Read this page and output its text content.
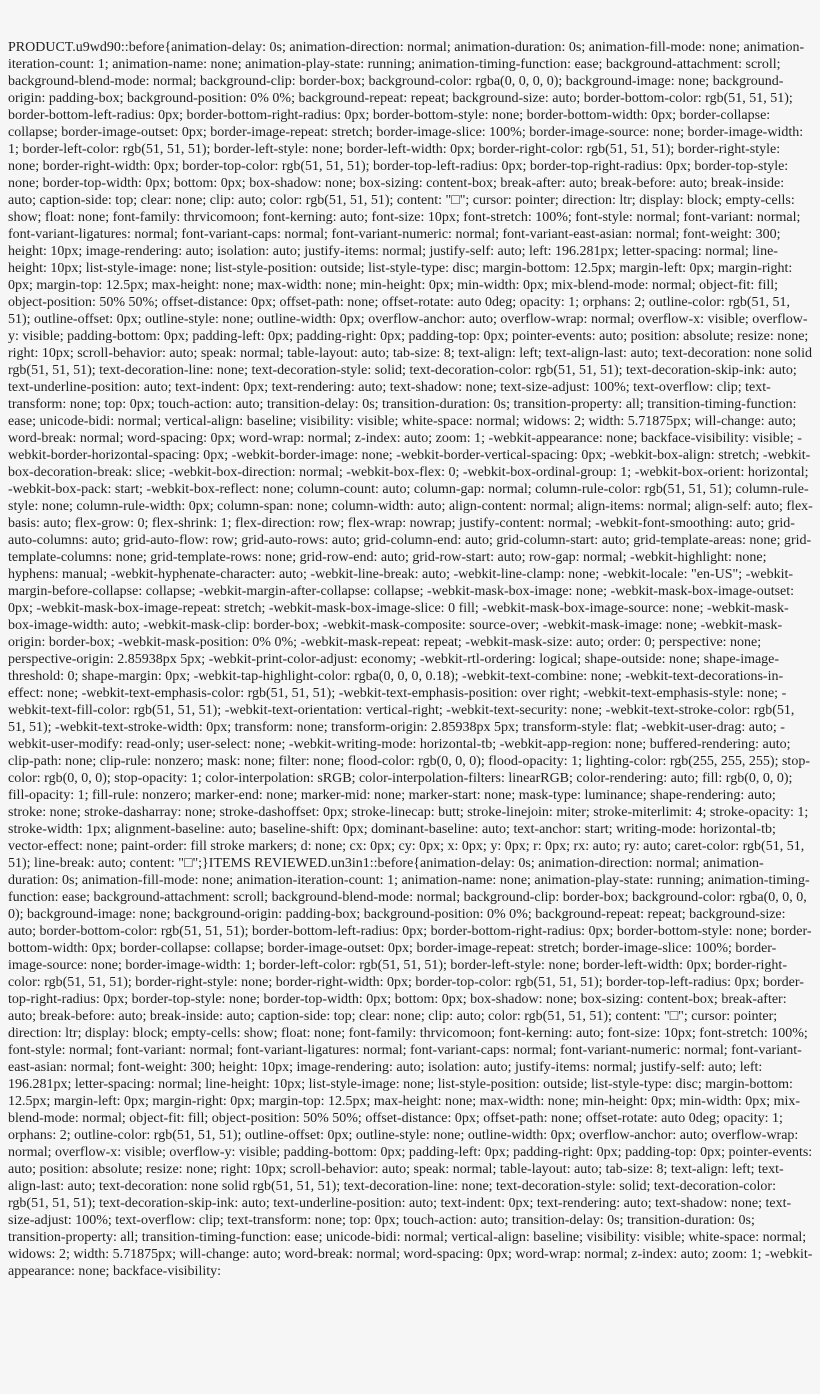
PRODUCT.u9wd90::before{animation-delay: 0s; animation-direction: normal; animation-duration: 0s; animation-fill-mode: none; animation-iteration-count: 1; animation-name: none; animation-play-state: running; animation-timing-function: ease; background-attachment: scroll; background-blend-mode: normal; background-clip: border-box; background-color: rgba(0, 0, 0, 0); background-image: none; background-origin: padding-box; background-position: 0% 0%; background-repeat: repeat; background-size: auto; border-bottom-color: rgb(51, 51, 51); border-bottom-left-radius: 0px; border-bottom-right-radius: 0px; border-bottom-style: none; border-bottom-width: 0px; border-collapse: collapse; border-image-outset: 0px; border-image-repeat: stretch; border-image-slice: 100%; border-image-source: none; border-image-width: 1; border-left-color: rgb(51, 51, 51); border-left-style: none; border-left-width: 0px; border-right-color: rgb(51, 51, 51); border-right-style: none; border-right-width: 0px; border-top-color: rgb(51, 51, 51); border-top-left-radius: 0px; border-top-right-radius: 0px; border-top-style: none; border-top-width: 0px; bottom: 0px; box-shadow: none; box-sizing: content-box; break-after: auto; break-before: auto; break-inside: auto; caption-side: top; clear: none; clip: auto; color: rgb(51, 51, 51); content: "□"; cursor: pointer; direction: ltr; display: block; empty-cells: show; float: none; font-family: thrvicomoon; font-kerning: auto; font-size: 10px; font-stretch: 100%; font-style: normal; font-variant: normal; font-variant-ligatures: normal; font-variant-caps: normal; font-variant-numeric: normal; font-variant-east-asian: normal; font-weight: 300; height: 10px; image-rendering: auto; isolation: auto; justify-items: normal; justify-self: auto; left: 196.281px; letter-spacing: normal; line-height: 10px; list-style-image: none; list-style-position: outside; list-style-type: disc; margin-bottom: 12.5px; margin-left: 0px; margin-right: 0px; margin-top: 12.5px; max-height: none; max-width: none; min-height: 0px; min-width: 0px; mix-blend-mode: normal; object-fit: fill; object-position: 50% 50%; offset-distance: 0px; offset-path: none; offset-rotate: auto 0deg; opacity: 1; orphans: 2; outline-color: rgb(51, 51, 51); outline-offset: 0px; outline-style: none; outline-width: 0px; overflow-anchor: auto; overflow-wrap: normal; overflow-x: visible; overflow-y: visible; padding-bottom: 0px; padding-left: 0px; padding-right: 0px; padding-top: 0px; pointer-events: auto; position: absolute; resize: none; right: 10px; scroll-behavior: auto; speak: normal; table-layout: auto; tab-size: 8; text-align: left; text-align-last: auto; text-decoration: none solid rgb(51, 51, 51); text-decoration-line: none; text-decoration-style: solid; text-decoration-color: rgb(51, 51, 51); text-decoration-skip-ink: auto; text-underline-position: auto; text-indent: 0px; text-rendering: auto; text-shadow: none; text-size-adjust: 100%; text-overflow: clip; text-transform: none; top: 0px; touch-action: auto; transition-delay: 0s; transition-duration: 0s; transition-property: all; transition-timing-function: ease; unicode-bidi: normal; vertical-align: baseline; visibility: visible; white-space: normal; widows: 2; width: 5.71875px; will-change: auto; word-break: normal; word-spacing: 0px; word-wrap: normal; z-index: auto; zoom: 1; -webkit-appearance: none; backface-visibility: visible; -webkit-border-horizontal-spacing: 0px; -webkit-border-image: none; -webkit-border-vertical-spacing: 0px; -webkit-box-align: stretch; -webkit-box-decoration-break: slice; -webkit-box-direction: normal; -webkit-box-flex: 0; -webkit-box-ordinal-group: 1; -webkit-box-orient: horizontal; -webkit-box-pack: start; -webkit-box-reflect: none; column-count: auto; column-gap: normal; column-rule-color: rgb(51, 51, 51); column-rule-style: none; column-rule-width: 0px; column-span: none; column-width: auto; align-content: normal; align-items: normal; align-self: auto; flex-basis: auto; flex-grow: 0; flex-shrink: 1; flex-direction: row; flex-wrap: nowrap; justify-content: normal; -webkit-font-smoothing: auto; grid-auto-columns: auto; grid-auto-flow: row; grid-auto-rows: auto; grid-column-end: auto; grid-column-start: auto; grid-template-areas: none; grid-template-columns: none; grid-template-rows: none; grid-row-end: auto; grid-row-start: auto; row-gap: normal; -webkit-highlight: none; hyphens: manual; -webkit-hyphenate-character: auto; -webkit-line-break: auto; -webkit-line-clamp: none; -webkit-locale: "en-US"; -webkit-margin-before-collapse: collapse; -webkit-margin-after-collapse: collapse; -webkit-mask-box-image: none; -webkit-mask-box-image-outset: 0px; -webkit-mask-box-image-repeat: stretch; -webkit-mask-box-image-slice: 0 fill; -webkit-mask-box-image-source: none; -webkit-mask-box-image-width: auto; -webkit-mask-clip: border-box; -webkit-mask-composite: source-over; -webkit-mask-image: none; -webkit-mask-origin: border-box; -webkit-mask-position: 0% 0%; -webkit-mask-repeat: repeat; -webkit-mask-size: auto; order: 0; perspective: none; perspective-origin: 2.85938px 5px; -webkit-print-color-adjust: economy; -webkit-rtl-ordering: logical; shape-outside: none; shape-image-threshold: 0; shape-margin: 0px; -webkit-tap-highlight-color: rgba(0, 0, 0, 0.18); -webkit-text-combine: none; -webkit-text-decorations-in-effect: none; -webkit-text-emphasis-color: rgb(51, 51, 51); -webkit-text-emphasis-position: over right; -webkit-text-emphasis-style: none; -webkit-text-fill-color: rgb(51, 51, 51); -webkit-text-orientation: vertical-right; -webkit-text-security: none; -webkit-text-stroke-color: rgb(51, 51, 51); -webkit-text-stroke-width: 0px; transform: none; transform-origin: 2.85938px 5px; transform-style: flat; -webkit-user-drag: auto; -webkit-user-modify: read-only; user-select: none; -webkit-writing-mode: horizontal-tb; -webkit-app-region: none; buffered-rendering: auto; clip-path: none; clip-rule: nonzero; mask: none; filter: none; flood-color: rgb(0, 0, 0); flood-opacity: 1; lighting-color: rgb(255, 255, 255); stop-color: rgb(0, 0, 0); stop-opacity: 1; color-interpolation: sRGB; color-interpolation-filters: linearRGB; color-rendering: auto; fill: rgb(0, 0, 0); fill-opacity: 1; fill-rule: nonzero; marker-end: none; marker-mid: none; marker-start: none; mask-type: luminance; shape-rendering: auto; stroke: none; stroke-dasharray: none; stroke-dashoffset: 0px; stroke-linecap: butt; stroke-linejoin: miter; stroke-miterlimit: 4; stroke-opacity: 1; stroke-width: 1px; alignment-baseline: auto; baseline-shift: 0px; dominant-baseline: auto; text-anchor: start; writing-mode: horizontal-tb; vector-effect: none; paint-order: fill stroke markers; d: none; cx: 0px; cy: 0px; x: 0px; y: 0px; r: 0px; rx: auto; ry: auto; caret-color: rgb(51, 51, 51); line-break: auto; content: "□";}ITEMS REVIEWED.un3in1::before{animation-delay: 0s; animation-direction: normal; animation-duration: 0s; animation-fill-mode: none; animation-iteration-count: 1; animation-name: none; animation-play-state: running; animation-timing-function: ease; background-attachment: scroll; background-blend-mode: normal; background-clip: border-box; background-color: rgba(0, 0, 0, 0); background-image: none; background-origin: padding-box; background-position: 0% 0%; background-repeat: repeat; background-size: auto; border-bottom-color: rgb(51, 51, 51); border-bottom-left-radius: 0px; border-bottom-right-radius: 0px; border-bottom-style: none; border-bottom-width: 0px; border-collapse: collapse; border-image-outset: 0px; border-image-repeat: stretch; border-image-slice: 100%; border-image-source: none; border-image-width: 1; border-left-color: rgb(51, 51, 51); border-left-style: none; border-left-width: 0px; border-right-color: rgb(51, 51, 51); border-right-style: none; border-right-width: 0px; border-top-color: rgb(51, 51, 51); border-top-left-radius: 0px; border-top-right-radius: 0px; border-top-style: none; border-top-width: 0px; bottom: 0px; box-shadow: none; box-sizing: content-box; break-after: auto; break-before: auto; break-inside: auto; caption-side: top; clear: none; clip: auto; color: rgb(51, 51, 51); content: "□"; cursor: pointer; direction: ltr; display: block; empty-cells: show; float: none; font-family: thrvicomoon; font-kerning: auto; font-size: 10px; font-stretch: 100%; font-style: normal; font-variant: normal; font-variant-ligatures: normal; font-variant-caps: normal; font-variant-numeric: normal; font-variant-east-asian: normal; font-weight: 300; height: 10px; image-rendering: auto; isolation: auto; justify-items: normal; justify-self: auto; left: 196.281px; letter-spacing: normal; line-height: 10px; list-style-image: none; list-style-position: outside; list-style-type: disc; margin-bottom: 12.5px; margin-left: 0px; margin-right: 0px; margin-top: 12.5px; max-height: none; max-width: none; min-height: 0px; min-width: 0px; mix-blend-mode: normal; object-fit: fill; object-position: 50% 50%; offset-distance: 0px; offset-path: none; offset-rotate: auto 0deg; opacity: 1; orphans: 2; outline-color: rgb(51, 51, 51); outline-offset: 0px; outline-style: none; outline-width: 0px; overflow-anchor: auto; overflow-wrap: normal; overflow-x: visible; overflow-y: visible; padding-bottom: 0px; padding-left: 0px; padding-right: 0px; padding-top: 0px; pointer-events: auto; position: absolute; resize: none; right: 10px; scroll-behavior: auto; speak: normal; table-layout: auto; tab-size: 8; text-align: left; text-align-last: auto; text-decoration: none solid rgb(51, 51, 51); text-decoration-line: none; text-decoration-style: solid; text-decoration-color: rgb(51, 51, 51); text-decoration-skip-ink: auto; text-underline-position: auto; text-indent: 0px; text-rendering: auto; text-shadow: none; text-size-adjust: 100%; text-overflow: clip; text-transform: none; top: 0px; touch-action: auto; transition-delay: 0s; transition-duration: 0s; transition-property: all; transition-timing-function: ease; unicode-bidi: normal; vertical-align: baseline; visibility: visible; white-space: normal; widows: 2; width: 5.71875px; will-change: auto; word-break: normal; word-spacing: 0px; word-wrap: normal; z-index: auto; zoom: 1; -webkit-appearance: none; backface-visibility:
